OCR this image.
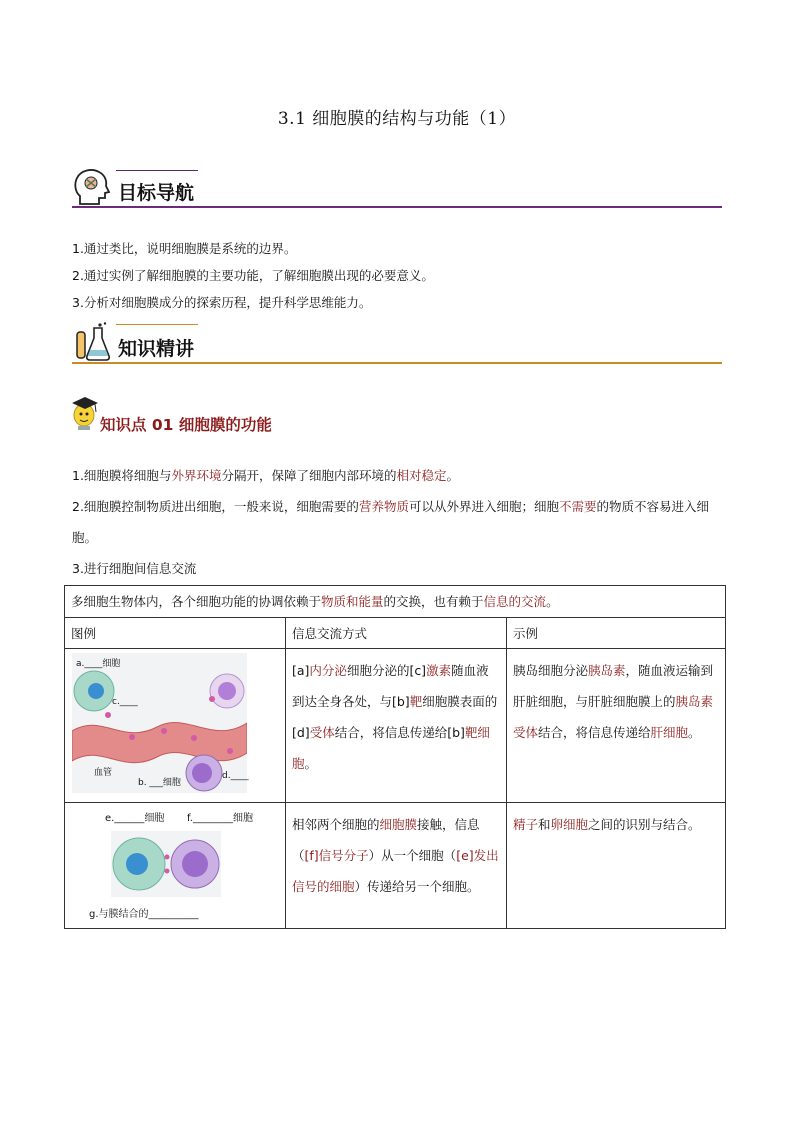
3.1 细胞膜的结构与功能（1）
目标导航
1.通过类比，说明细胞膜是系统的边界。
2.通过实例了解细胞膜的主要功能，了解细胞膜出现的必要意义。
3.分析对细胞膜成分的探索历程，提升科学思维能力。
知识精讲
知识点 01 细胞膜的功能
1.细胞膜将细胞与外界环境分隔开，保障了细胞内部环境的相对稳定。
2.细胞膜控制物质进出细胞，一般来说，细胞需要的营养物质可以从外界进入细胞；细胞不需要的物质不容易进入细胞。
3.进行细胞间信息交流
多细胞生物体内，各个细胞功能的协调依赖于物质和能量的交换，也有赖于信息的交流。		
图例	信息交流方式	示例

a.____细胞
c.____
血管
b. ___细胞
d.____	[a]内分泌细胞分泌的[c]激素随血液到达全身各处，与[b]靶细胞膜表面的[d]受体结合，将信息传递给[b]靶细胞。	胰岛细胞分泌胰岛素，随血液运输到肝脏细胞，与肝脏细胞膜上的胰岛素受体结合，将信息传递给肝细胞。

e.______细胞 f.________细胞
g.与膜结合的__________	相邻两个细胞的细胞膜接触，信息（[f]信号分子）从一个细胞（[e]发出信号的细胞）传递给另一个细胞。	精子和卵细胞之间的识别与结合。
